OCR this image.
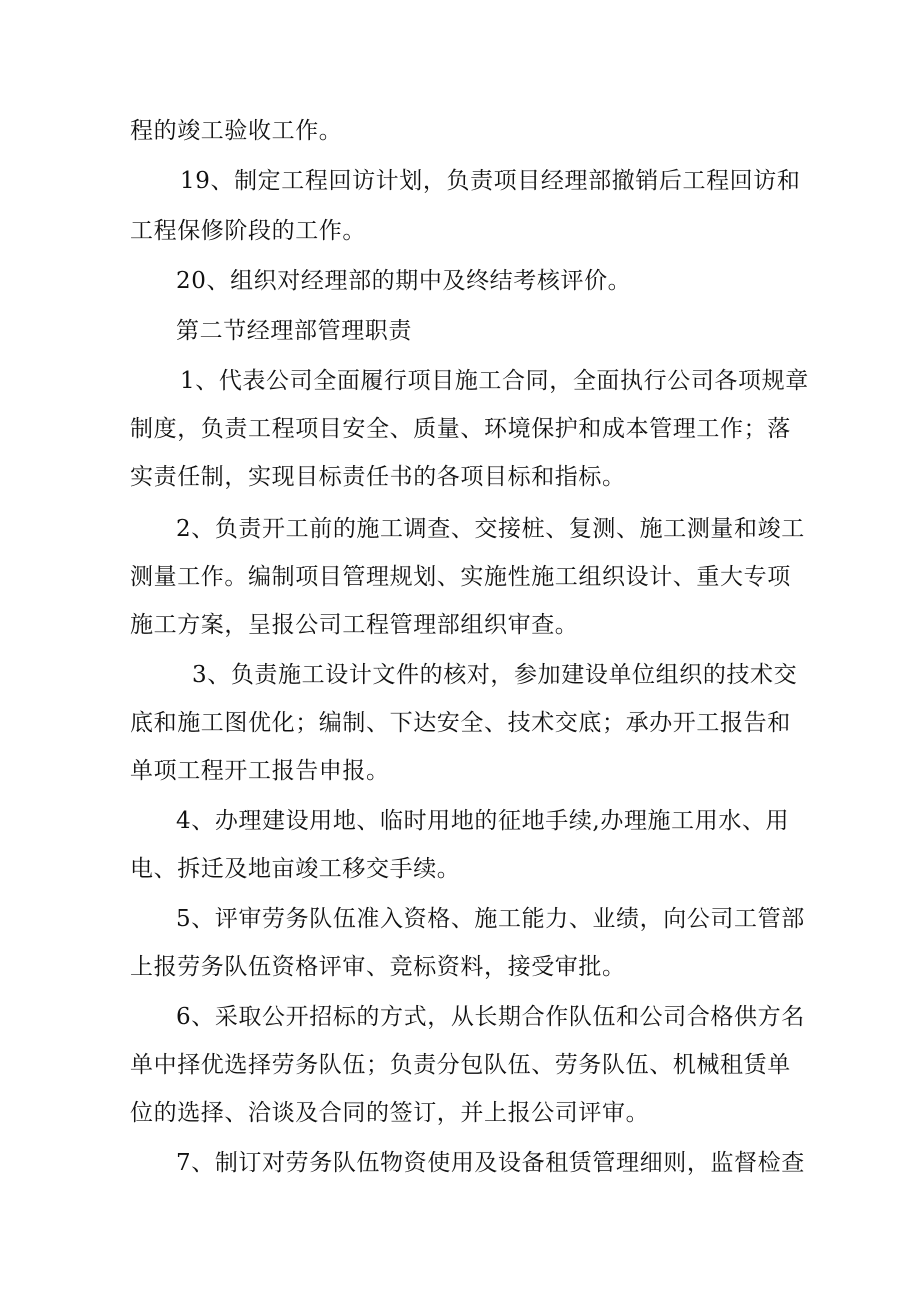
程的竣工验收工作。
19、制定工程回访计划，负责项目经理部撤销后工程回访和
工程保修阶段的工作。
20、组织对经理部的期中及终结考核评价。
第二节经理部管理职责
1、代表公司全面履行项目施工合同，全面执行公司各项规章
制度，负责工程项目安全、质量、环境保护和成本管理工作；落
实责任制，实现目标责任书的各项目标和指标。
2、负责开工前的施工调查、交接桩、复测、施工测量和竣工
测量工作。编制项目管理规划、实施性施工组织设计、重大专项
施工方案，呈报公司工程管理部组织审查。
3、负责施工设计文件的核对，参加建设单位组织的技术交
底和施工图优化；编制、下达安全、技术交底；承办开工报告和
单项工程开工报告申报。
4、办理建设用地、临时用地的征地手续,办理施工用水、用
电、拆迁及地亩竣工移交手续。
5、评审劳务队伍准入资格、施工能力、业绩，向公司工管部
上报劳务队伍资格评审、竞标资料，接受审批。
6、采取公开招标的方式，从长期合作队伍和公司合格供方名
单中择优选择劳务队伍；负责分包队伍、劳务队伍、机械租赁单
位的选择、洽谈及合同的签订，并上报公司评审。
7、制订对劳务队伍物资使用及设备租赁管理细则，监督检查
